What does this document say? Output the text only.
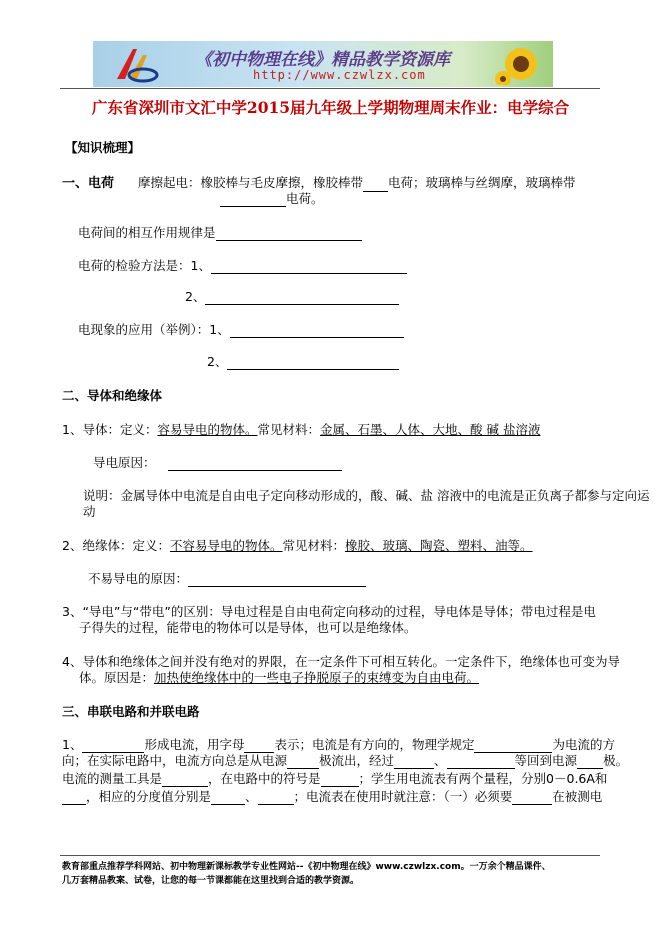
《初中物理在线》精品教学资源库
http://www.czwlzx.com
广东省深圳市文汇中学2015届九年级上学期物理周末作业：电学综合
【知识梳理】
一、电荷 摩擦起电：橡胶棒与毛皮摩擦，橡胶棒带 电荷；玻璃棒与丝绸摩，玻璃棒带
电荷。
电荷间的相互作用规律是
电荷的检验方法是：1、
2、
电现象的应用（举例）：1、
2、
二、导体和绝缘体
1、导体：定义：容易导电的物体。常见材料：金属、石墨、人体、大地、酸 碱 盐溶液
导电原因：
说明：金属导体中电流是自由电子定向移动形成的，酸、碱、盐 溶液中的电流是正负离子都参与定向运
动
2、绝缘体：定义：不容易导电的物体。常见材料：橡胶、玻璃、陶瓷、塑料、油等。
不易导电的原因：
3、“导电”与“带电”的区别：导电过程是自由电荷定向移动的过程，导电体是导体；带电过程是电
子得失的过程，能带电的物体可以是导体，也可以是绝缘体。
4、导体和绝缘体之间并没有绝对的界限，在一定条件下可相互转化。一定条件下，绝缘体也可变为导
体。原因是：加热使绝缘体中的一些电子挣脱原子的束缚变为自由电荷。
三、串联电路和并联电路
1、	形成电流，用字母 表示；电流是有方向的，物理学规定	为电流的方
向；在实际电路中，电流方向总是从电源	极流出，经过	、	等回到电源 极。
电流的测量工具是	，在电路中的符号是	；学生用电流表有两个量程，分别0－0.6A和
，相应的分度值分别是	、	；电流表在使用时就注意：（一）必须要	在被测电
教育部重点推荐学科网站、初中物理新课标教学专业性网站--《初中物理在线》www.czwlzx.com。一万余个精品课件、
几万套精品教案、试卷，让您的每一节课都能在这里找到合适的教学资源。
